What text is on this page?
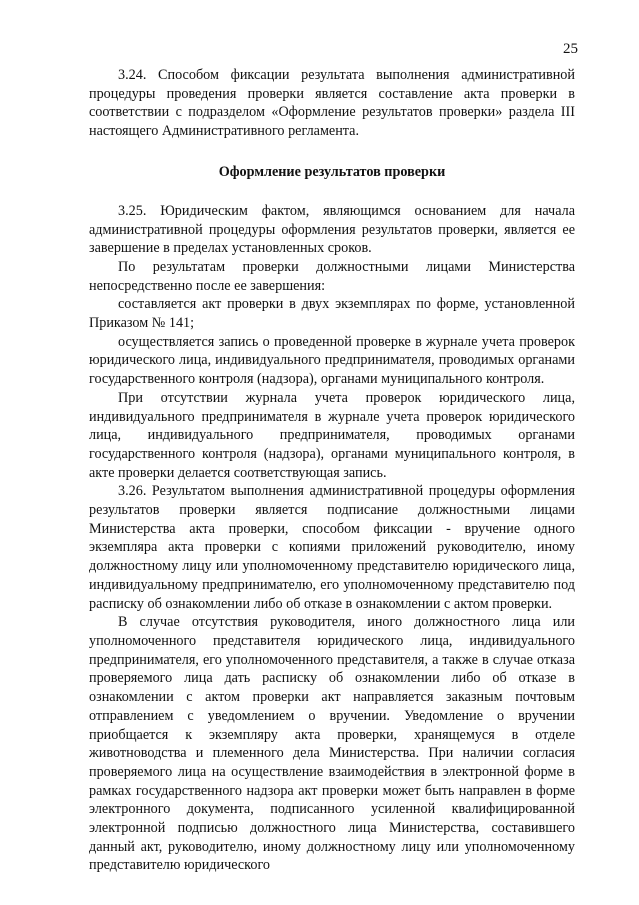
25

3.24. Способом фиксации результата выполнения административной процедуры проведения проверки является составление акта проверки в соответствии с подразделом «Оформление результатов проверки» раздела III настоящего Административного регламента.

Оформление результатов проверки

3.25. Юридическим фактом, являющимся основанием для начала административной процедуры оформления результатов проверки, является ее завершение в пределах установленных сроков.

По результатам проверки должностными лицами Министерства непосредственно после ее завершения:

составляется акт проверки в двух экземплярах по форме, установленной Приказом № 141;

осуществляется запись о проведенной проверке в журнале учета проверок юридического лица, индивидуального предпринимателя, проводимых органами государственного контроля (надзора), органами муниципального контроля.

При отсутствии журнала учета проверок юридического лица, индивидуального предпринимателя в журнале учета проверок юридического лица, индивидуального предпринимателя, проводимых органами государственного контроля (надзора), органами муниципального контроля, в акте проверки делается соответствующая запись.

3.26. Результатом выполнения административной процедуры оформления результатов проверки является подписание должностными лицами Министерства акта проверки, способом фиксации - вручение одного экземпляра акта проверки с копиями приложений руководителю, иному должностному лицу или уполномоченному представителю юридического лица, индивидуальному предпринимателю, его уполномоченному представителю под расписку об ознакомлении либо об отказе в ознакомлении с актом проверки.

В случае отсутствия руководителя, иного должностного лица или уполномоченного представителя юридического лица, индивидуального предпринимателя, его уполномоченного представителя, а также в случае отказа проверяемого лица дать расписку об ознакомлении либо об отказе в ознакомлении с актом проверки акт направляется заказным почтовым отправлением с уведомлением о вручении. Уведомление о вручении приобщается к экземпляру акта проверки, хранящемуся в отделе животноводства и племенного дела Министерства. При наличии согласия проверяемого лица на осуществление взаимодействия в электронной форме в рамках государственного надзора акт проверки может быть направлен в форме электронного документа, подписанного усиленной квалифицированной электронной подписью должностного лица Министерства, составившего данный акт, руководителю, иному должностному лицу или уполномоченному представителю юридического
